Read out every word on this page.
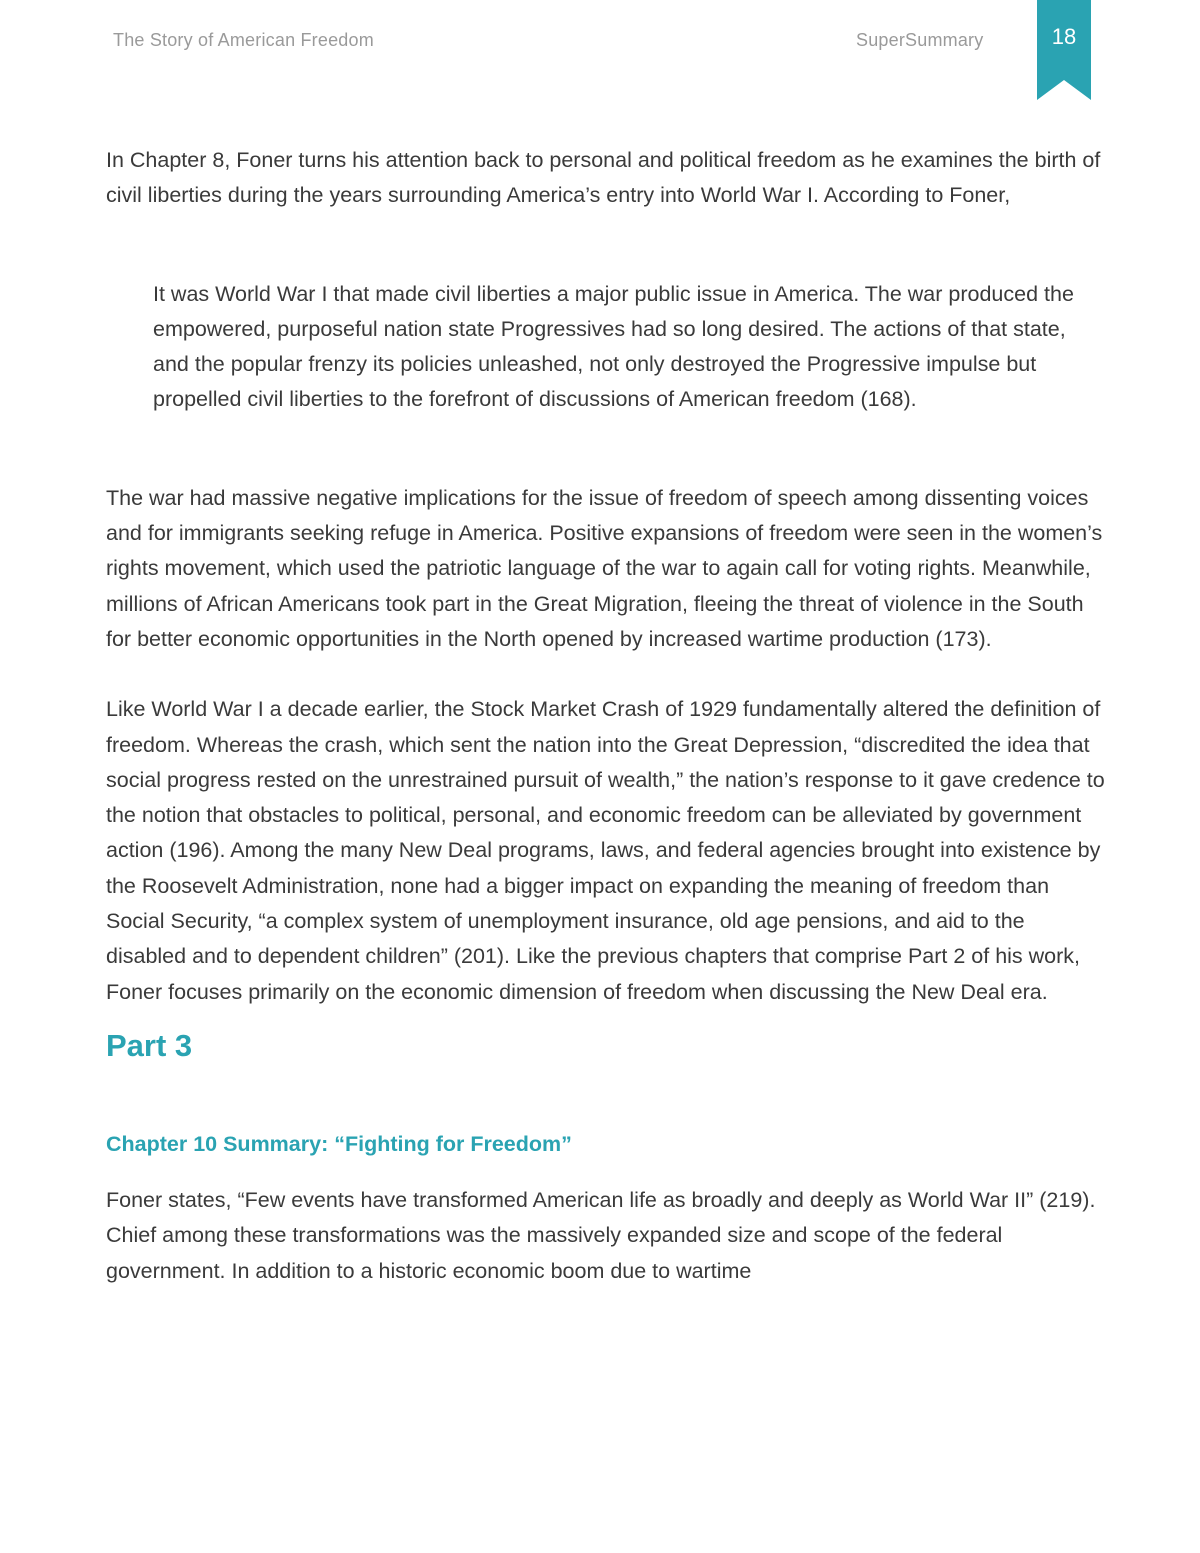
The Story of American Freedom	SuperSummary	18

In Chapter 8, Foner turns his attention back to personal and political freedom as he examines the birth of civil liberties during the years surrounding America’s entry into World War I. According to Foner,

It was World War I that made civil liberties a major public issue in America. The war produced the empowered, purposeful nation state Progressives had so long desired. The actions of that state, and the popular frenzy its policies unleashed, not only destroyed the Progressive impulse but propelled civil liberties to the forefront of discussions of American freedom (168).

The war had massive negative implications for the issue of freedom of speech among dissenting voices and for immigrants seeking refuge in America. Positive expansions of freedom were seen in the women’s rights movement, which used the patriotic language of the war to again call for voting rights. Meanwhile, millions of African Americans took part in the Great Migration, fleeing the threat of violence in the South for better economic opportunities in the North opened by increased wartime production (173).

Like World War I a decade earlier, the Stock Market Crash of 1929 fundamentally altered the definition of freedom. Whereas the crash, which sent the nation into the Great Depression, “discredited the idea that social progress rested on the unrestrained pursuit of wealth,” the nation’s response to it gave credence to the notion that obstacles to political, personal, and economic freedom can be alleviated by government action (196). Among the many New Deal programs, laws, and federal agencies brought into existence by the Roosevelt Administration, none had a bigger impact on expanding the meaning of freedom than Social Security, “a complex system of unemployment insurance, old age pensions, and aid to the disabled and to dependent children” (201). Like the previous chapters that comprise Part 2 of his work, Foner focuses primarily on the economic dimension of freedom when discussing the New Deal era.

Part 3
Chapter 10 Summary: “Fighting for Freedom”

Foner states, “Few events have transformed American life as broadly and deeply as World War II” (219). Chief among these transformations was the massively expanded size and scope of the federal government. In addition to a historic economic boom due to wartime
